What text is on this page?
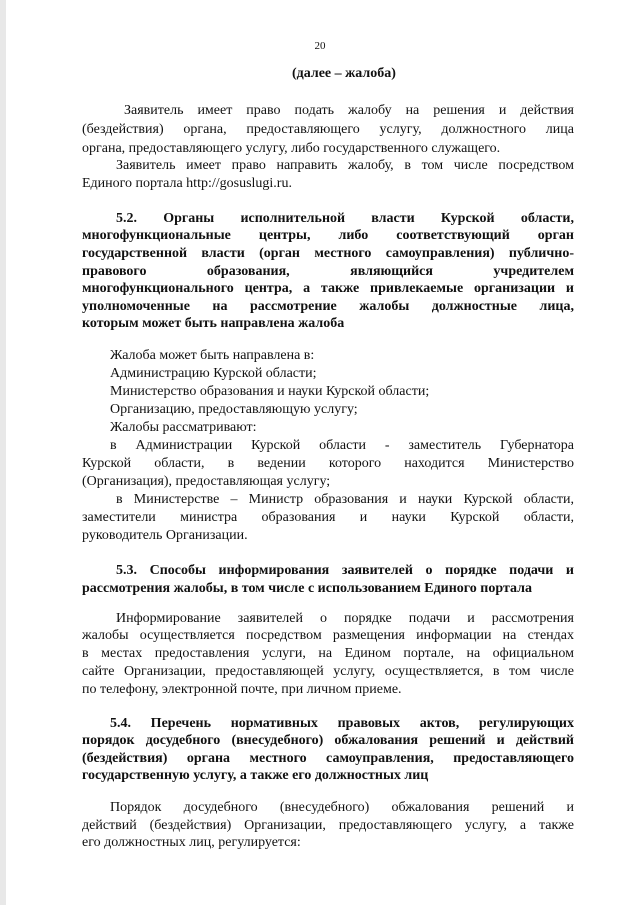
20
(далее – жалоба)
Заявитель имеет право подать жалобу на решения и действия
(бездействия) органа, предоставляющего услугу, должностного лица
органа, предоставляющего услугу, либо государственного служащего.
Заявитель имеет право направить жалобу, в том числе посредством
Единого портала http://gosuslugi.ru.
5.2. Органы исполнительной власти Курской области,
многофункциональные центры, либо соответствующий орган
государственной власти (орган местного самоуправления) публично-
правового образования, являющийся учредителем
многофункционального центра, а также привлекаемые организации и
уполномоченные на рассмотрение жалобы должностные лица,
которым может быть направлена жалоба
Жалоба может быть направлена в:
Администрацию Курской области;
Министерство образования и науки Курской области;
Организацию, предоставляющую услугу;
Жалобы рассматривают:
в Администрации Курской области - заместитель Губернатора
Курской области, в ведении которого находится Министерство
(Организация), предоставляющая услугу;
в Министерстве – Министр образования и науки Курской области,
заместители министра образования и науки Курской области,
руководитель Организации.
5.3. Способы информирования заявителей о порядке подачи и
рассмотрения жалобы, в том числе с использованием Единого портала
Информирование заявителей о порядке подачи и рассмотрения
жалобы осуществляется посредством размещения информации на стендах
в местах предоставления услуги, на Едином портале, на официальном
сайте Организации, предоставляющей услугу, осуществляется, в том числе
по телефону, электронной почте, при личном приеме.
5.4. Перечень нормативных правовых актов, регулирующих
порядок досудебного (внесудебного) обжалования решений и действий
(бездействия) органа местного самоуправления, предоставляющего
государственную услугу, а также его должностных лиц
Порядок досудебного (внесудебного) обжалования решений и
действий (бездействия) Организации, предоставляющего услугу, а также
его должностных лиц, регулируется:
